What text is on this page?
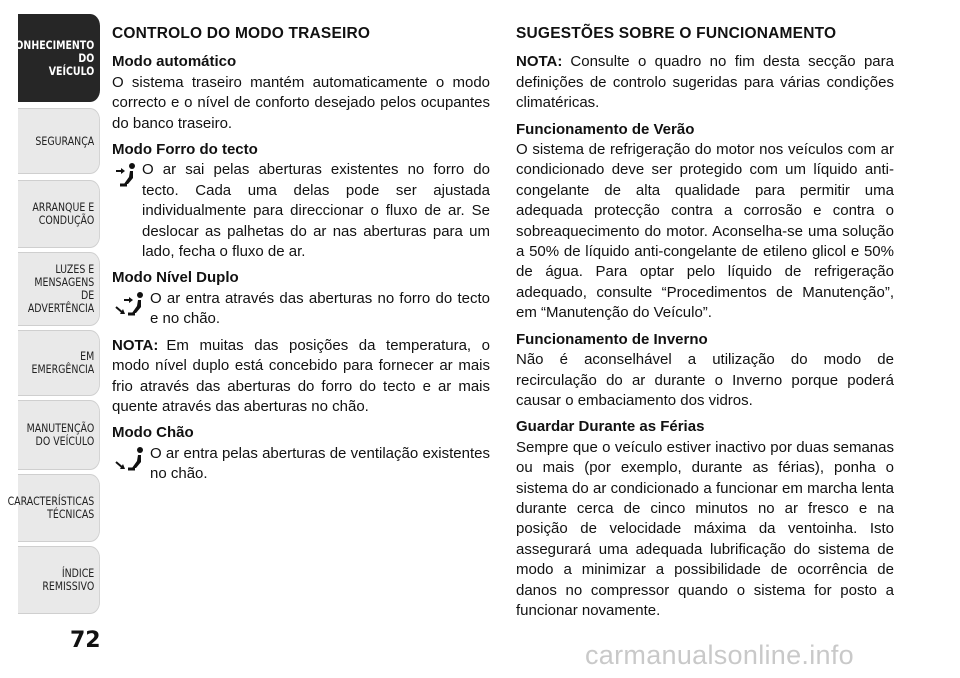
CONHECIMENTO
DO
VEÍCULO
SEGURANÇA
ARRANQUE E
CONDUÇÃO
LUZES E
MENSAGENS
DE
ADVERTÊNCIA
EM
EMERGÊNCIA
MANUTENÇÃO
DO VEÍCULO
CARACTERÍSTICAS
TÉCNICAS
ÍNDICE
REMISSIVO
72
CONTROLO DO MODO TRASEIRO
Modo automático

O sistema traseiro mantém automaticamente o modo correcto e o nível de conforto desejado pelos ocupantes do banco traseiro.

Modo Forro do tecto

O ar sai pelas aberturas existentes no forro do tecto. Cada uma delas pode ser ajustada individualmente para direccionar o fluxo de ar. Se deslocar as palhetas do ar nas aberturas para um lado, fecha o fluxo de ar.

Modo Nível Duplo

O ar entra através das aberturas no forro do tecto e no chão.

NOTA: Em muitas das posições da temperatura, o modo nível duplo está concebido para fornecer ar mais frio através das aberturas do forro do tecto e ar mais quente através das aberturas no chão.

Modo Chão

O ar entra pelas aberturas de ventilação existentes no chão.

SUGESTÕES SOBRE O FUNCIONAMENTO

NOTA: Consulte o quadro no fim desta secção para definições de controlo sugeridas para várias condições climatéricas.

Funcionamento de Verão

O sistema de refrigeração do motor nos veículos com ar condicionado deve ser protegido com um líquido anti-congelante de alta qualidade para permitir uma adequada protecção contra a corrosão e contra o sobreaquecimento do motor. Aconselha-se uma solução a 50% de líquido anti-congelante de etileno glicol e 50% de água. Para optar pelo líquido de refrigeração adequado, consulte “Procedimentos de Manutenção”, em “Manutenção do Veículo”.

Funcionamento de Inverno

Não é aconselhável a utilização do modo de recirculação do ar durante o Inverno porque poderá causar o embaciamento dos vidros.

Guardar Durante as Férias

Sempre que o veículo estiver inactivo por duas semanas ou mais (por exemplo, durante as férias), ponha o sistema do ar condicionado a funcionar em marcha lenta durante cerca de cinco minutos no ar fresco e na posição de velocidade máxima da ventoinha. Isto assegurará uma adequada lubrificação do sistema de modo a minimizar a possibilidade de ocorrência de danos no compressor quando o sistema for posto a funcionar novamente.

carmanualsonline.info
